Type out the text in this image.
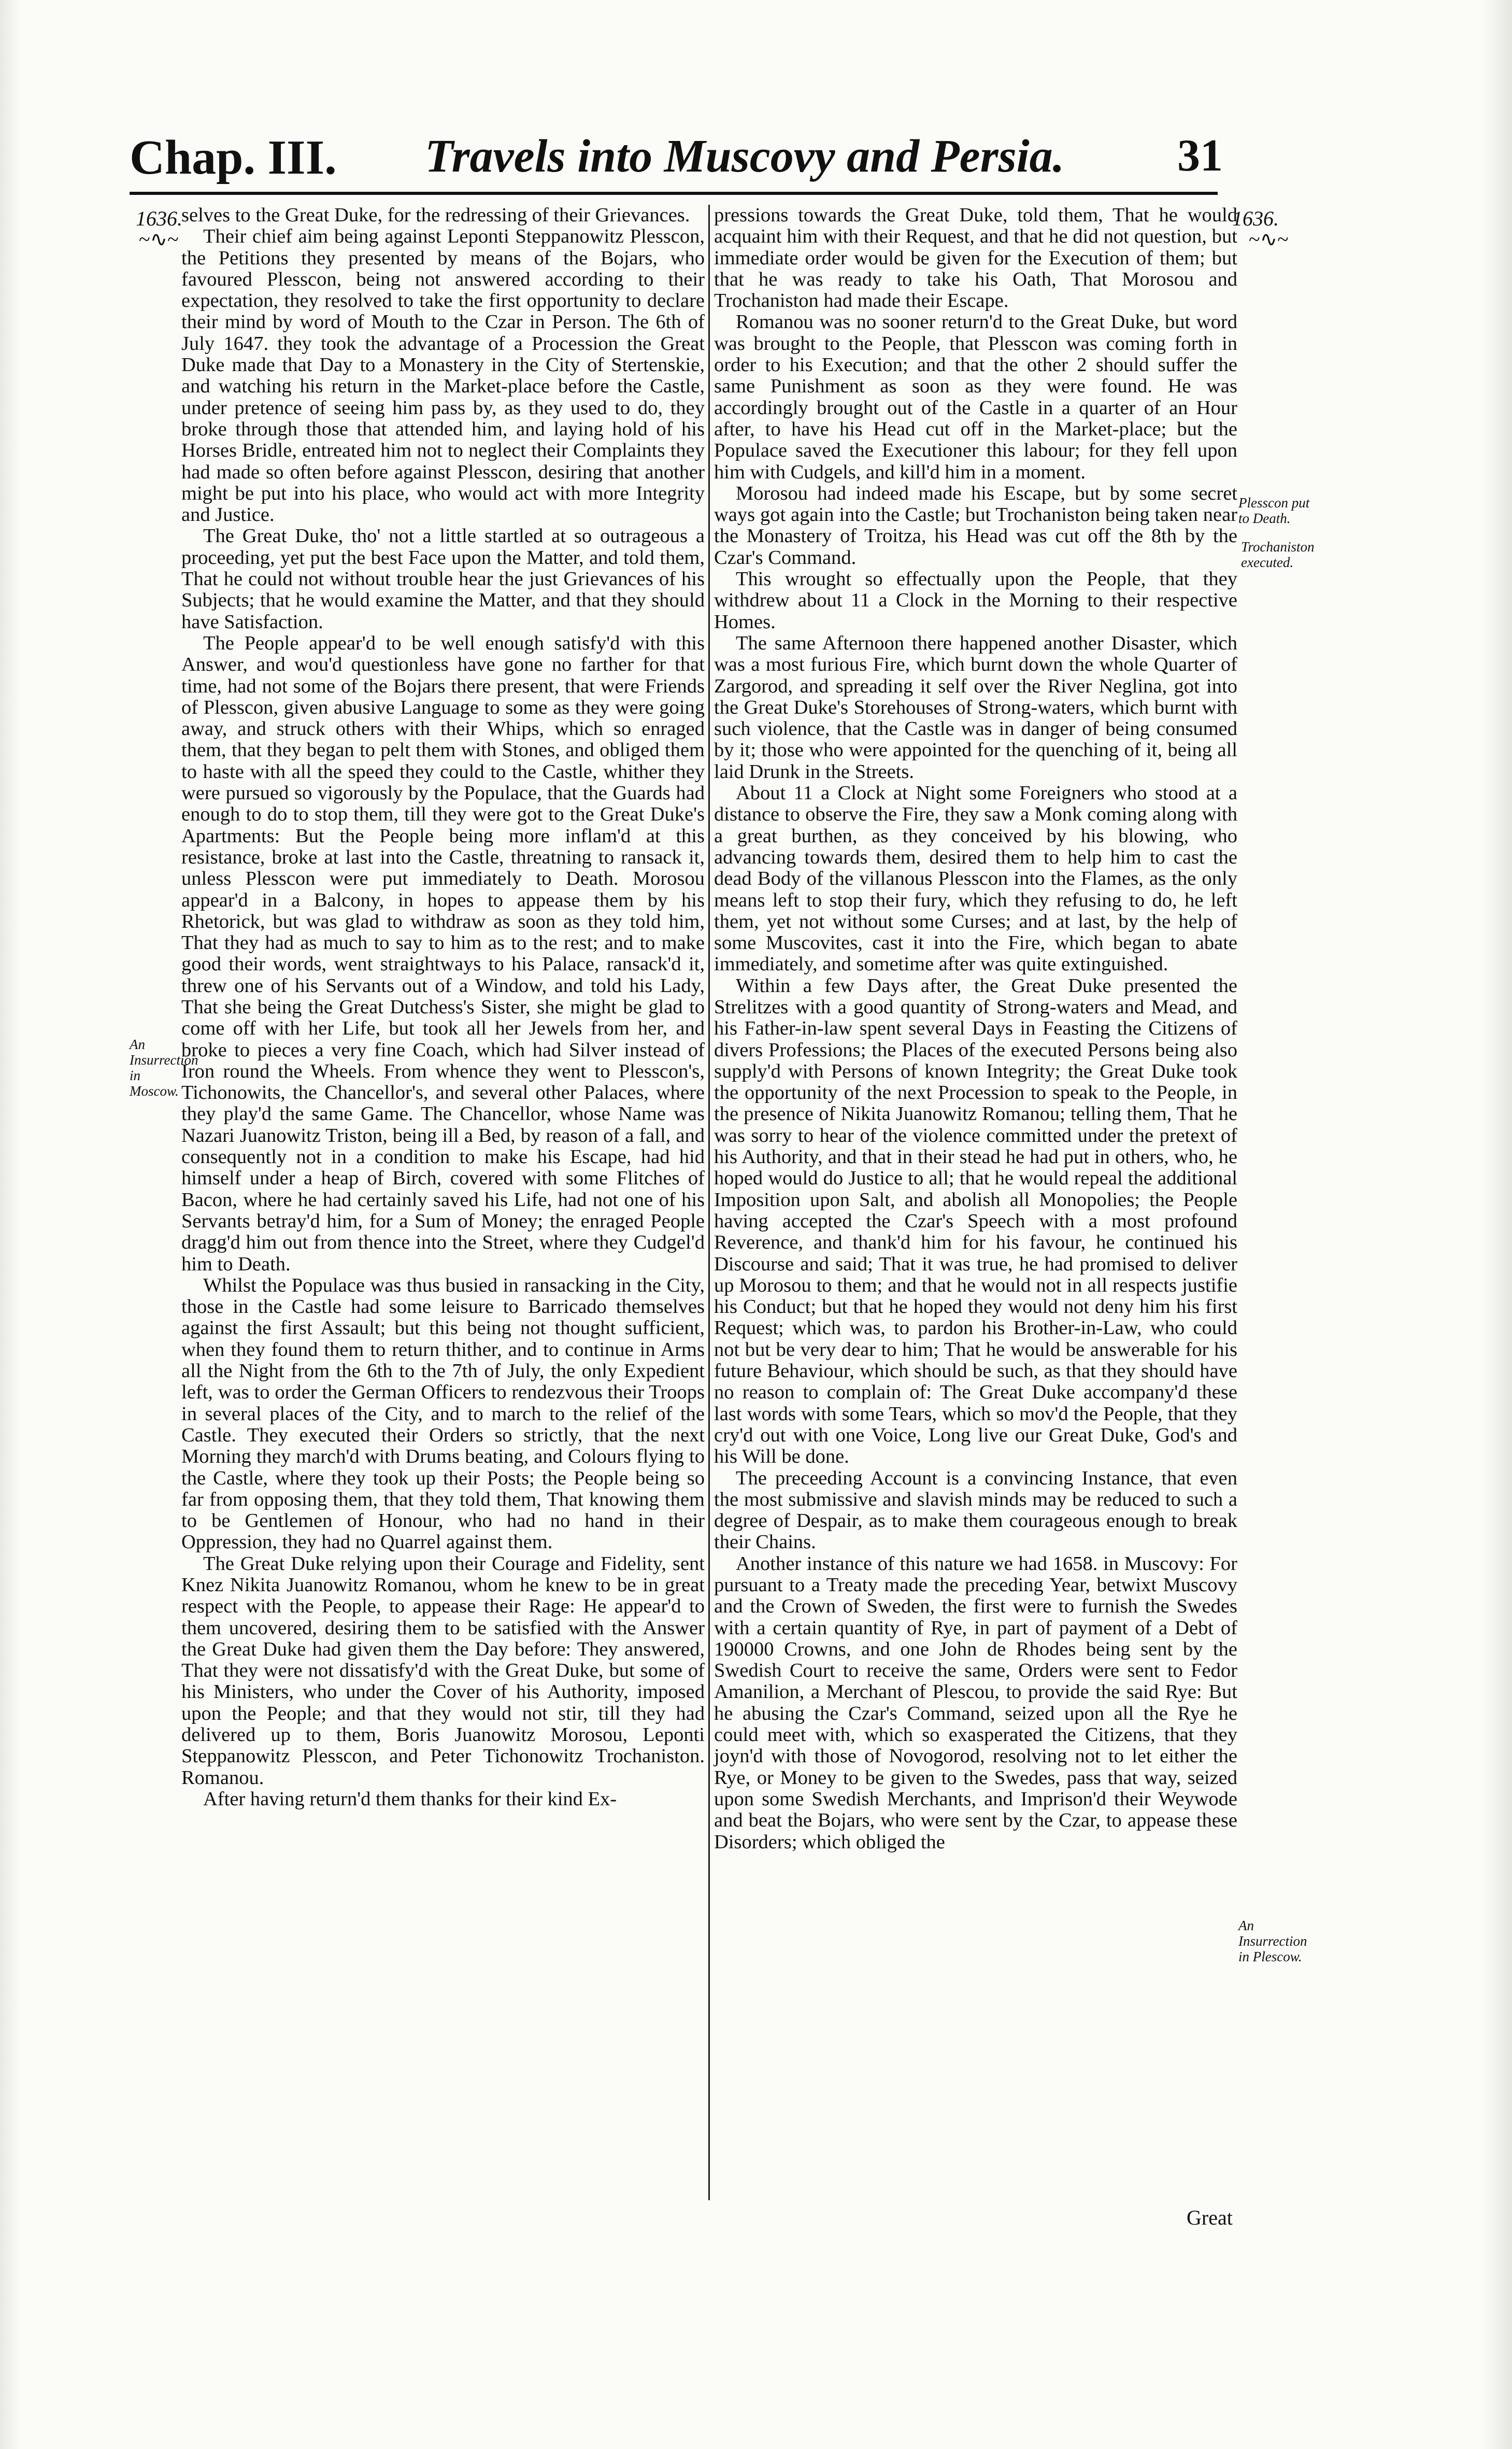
Chap. III. Travels into Muscovy and Persia. 31
1636.
~∿~
1636.
~∿~
An Insurrection in Moscow.
Plesscon put to Death.
Trochaniston executed.
An Insurrection in Plescow.

selves to the Great Duke, for the redressing of their Grievances.

Their chief aim being against Leponti Steppanowitz Plesscon, the Petitions they presented by means of the Bojars, who favoured Plesscon, being not answered according to their expectation, they resolved to take the first opportunity to declare their mind by word of Mouth to the Czar in Person. The 6th of July 1647. they took the advantage of a Procession the Great Duke made that Day to a Monastery in the City of Stertenskie, and watching his return in the Market-place before the Castle, under pretence of seeing him pass by, as they used to do, they broke through those that attended him, and laying hold of his Horses Bridle, entreated him not to neglect their Complaints they had made so often before against Plesscon, desiring that another might be put into his place, who would act with more Integrity and Justice.

The Great Duke, tho' not a little startled at so outrageous a proceeding, yet put the best Face upon the Matter, and told them, That he could not without trouble hear the just Grievances of his Subjects; that he would examine the Matter, and that they should have Satisfaction.

The People appear'd to be well enough satisfy'd with this Answer, and wou'd questionless have gone no farther for that time, had not some of the Bojars there present, that were Friends of Plesscon, given abusive Language to some as they were going away, and struck others with their Whips, which so enraged them, that they began to pelt them with Stones, and obliged them to haste with all the speed they could to the Castle, whither they were pursued so vigorously by the Populace, that the Guards had enough to do to stop them, till they were got to the Great Duke's Apartments: But the People being more inflam'd at this resistance, broke at last into the Castle, threatning to ransack it, unless Plesscon were put immediately to Death. Morosou appear'd in a Balcony, in hopes to appease them by his Rhetorick, but was glad to withdraw as soon as they told him, That they had as much to say to him as to the rest; and to make good their words, went straightways to his Palace, ransack'd it, threw one of his Servants out of a Window, and told his Lady, That she being the Great Dutchess's Sister, she might be glad to come off with her Life, but took all her Jewels from her, and broke to pieces a very fine Coach, which had Silver instead of Iron round the Wheels. From whence they went to Plesscon's, Tichonowits, the Chancellor's, and several other Palaces, where they play'd the same Game. The Chancellor, whose Name was Nazari Juanowitz Triston, being ill a Bed, by reason of a fall, and consequently not in a condition to make his Escape, had hid himself under a heap of Birch, covered with some Flitches of Bacon, where he had certainly saved his Life, had not one of his Servants betray'd him, for a Sum of Money; the enraged People dragg'd him out from thence into the Street, where they Cudgel'd him to Death.

Whilst the Populace was thus busied in ransacking in the City, those in the Castle had some leisure to Barricado themselves against the first Assault; but this being not thought sufficient, when they found them to return thither, and to continue in Arms all the Night from the 6th to the 7th of July, the only Expedient left, was to order the German Officers to rendezvous their Troops in several places of the City, and to march to the relief of the Castle. They executed their Orders so strictly, that the next Morning they march'd with Drums beating, and Colours flying to the Castle, where they took up their Posts; the People being so far from opposing them, that they told them, That knowing them to be Gentlemen of Honour, who had no hand in their Oppression, they had no Quarrel against them.

The Great Duke relying upon their Courage and Fidelity, sent Knez Nikita Juanowitz Romanou, whom he knew to be in great respect with the People, to appease their Rage: He appear'd to them uncovered, desiring them to be satisfied with the Answer the Great Duke had given them the Day before: They answered, That they were not dissatisfy'd with the Great Duke, but some of his Ministers, who under the Cover of his Authority, imposed upon the People; and that they would not stir, till they had delivered up to them, Boris Juanowitz Morosou, Leponti Steppanowitz Plesscon, and Peter Tichonowitz Trochaniston. Romanou.

After having return'd them thanks for their kind Ex-

pressions towards the Great Duke, told them, That he would acquaint him with their Request, and that he did not question, but immediate order would be given for the Execution of them; but that he was ready to take his Oath, That Morosou and Trochaniston had made their Escape.

Romanou was no sooner return'd to the Great Duke, but word was brought to the People, that Plesscon was coming forth in order to his Execution; and that the other 2 should suffer the same Punishment as soon as they were found. He was accordingly brought out of the Castle in a quarter of an Hour after, to have his Head cut off in the Market-place; but the Populace saved the Executioner this labour; for they fell upon him with Cudgels, and kill'd him in a moment.

Morosou had indeed made his Escape, but by some secret ways got again into the Castle; but Trochaniston being taken near the Monastery of Troitza, his Head was cut off the 8th by the Czar's Command.

This wrought so effectually upon the People, that they withdrew about 11 a Clock in the Morning to their respective Homes.

The same Afternoon there happened another Disaster, which was a most furious Fire, which burnt down the whole Quarter of Zargorod, and spreading it self over the River Neglina, got into the Great Duke's Storehouses of Strong-waters, which burnt with such violence, that the Castle was in danger of being consumed by it; those who were appointed for the quenching of it, being all laid Drunk in the Streets.

About 11 a Clock at Night some Foreigners who stood at a distance to observe the Fire, they saw a Monk coming along with a great burthen, as they conceived by his blowing, who advancing towards them, desired them to help him to cast the dead Body of the villanous Plesscon into the Flames, as the only means left to stop their fury, which they refusing to do, he left them, yet not without some Curses; and at last, by the help of some Muscovites, cast it into the Fire, which began to abate immediately, and sometime after was quite extinguished.

Within a few Days after, the Great Duke presented the Strelitzes with a good quantity of Strong-waters and Mead, and his Father-in-law spent several Days in Feasting the Citizens of divers Professions; the Places of the executed Persons being also supply'd with Persons of known Integrity; the Great Duke took the opportunity of the next Procession to speak to the People, in the presence of Nikita Juanowitz Romanou; telling them, That he was sorry to hear of the violence committed under the pretext of his Authority, and that in their stead he had put in others, who, he hoped would do Justice to all; that he would repeal the additional Imposition upon Salt, and abolish all Monopolies; the People having accepted the Czar's Speech with a most profound Reverence, and thank'd him for his favour, he continued his Discourse and said; That it was true, he had promised to deliver up Morosou to them; and that he would not in all respects justifie his Conduct; but that he hoped they would not deny him his first Request; which was, to pardon his Brother-in-Law, who could not but be very dear to him; That he would be answerable for his future Behaviour, which should be such, as that they should have no reason to complain of: The Great Duke accompany'd these last words with some Tears, which so mov'd the People, that they cry'd out with one Voice, Long live our Great Duke, God's and his Will be done.

The preceeding Account is a convincing Instance, that even the most submissive and slavish minds may be reduced to such a degree of Despair, as to make them courageous enough to break their Chains.

Another instance of this nature we had 1658. in Muscovy: For pursuant to a Treaty made the preceding Year, betwixt Muscovy and the Crown of Sweden, the first were to furnish the Swedes with a certain quantity of Rye, in part of payment of a Debt of 190000 Crowns, and one John de Rhodes being sent by the Swedish Court to receive the same, Orders were sent to Fedor Amanilion, a Merchant of Plescou, to provide the said Rye: But he abusing the Czar's Command, seized upon all the Rye he could meet with, which so exasperated the Citizens, that they joyn'd with those of Novogorod, resolving not to let either the Rye, or Money to be given to the Swedes, pass that way, seized upon some Swedish Merchants, and Imprison'd their Weywode and beat the Bojars, who were sent by the Czar, to appease these Disorders; which obliged the

Great
